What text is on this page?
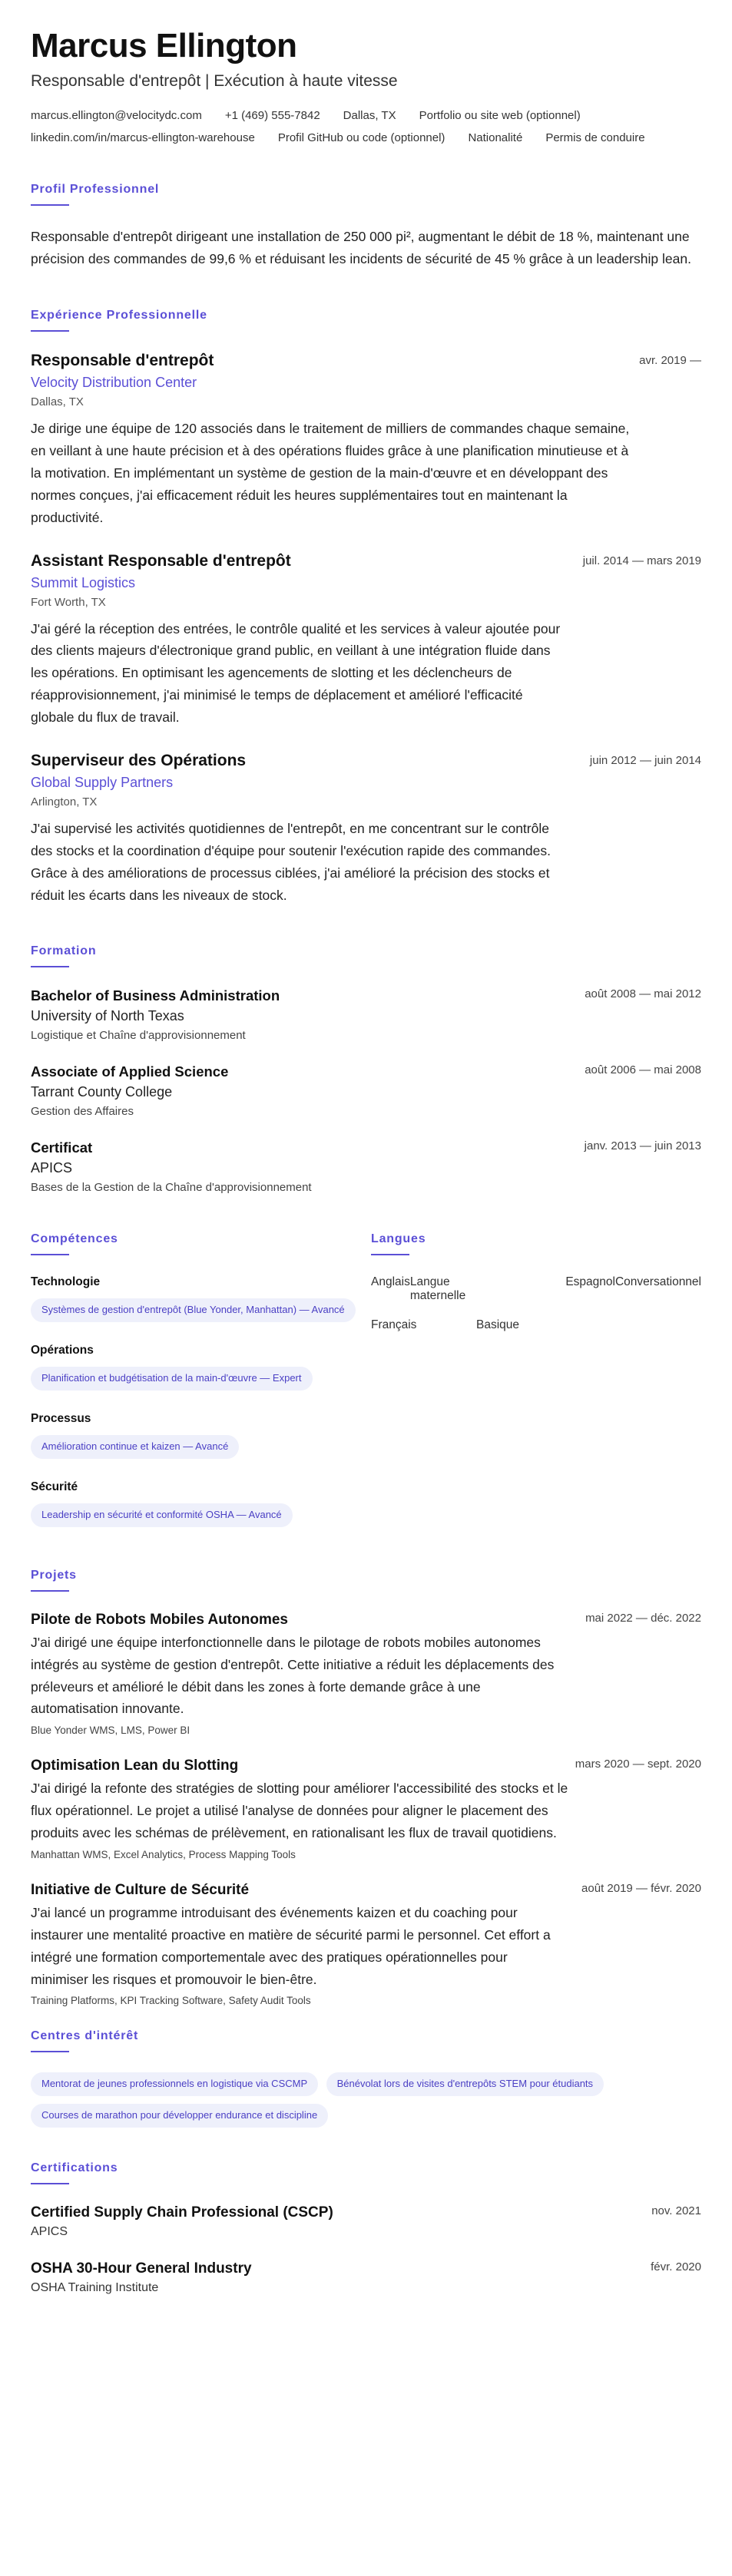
Marcus Ellington
Responsable d'entrepôt | Exécution à haute vitesse
marcus.ellington@velocitydc.com +1 (469) 555-7842 Dallas, TX Portfolio ou site web (optionnel)
linkedin.com/in/marcus-ellington-warehouse Profil GitHub ou code (optionnel) Nationalité Permis de conduire
Profil Professionnel

Responsable d'entrepôt dirigeant une installation de 250 000 pi², augmentant le débit de 18 %, maintenant une précision des commandes de 99,6 % et réduisant les incidents de sécurité de 45 % grâce à un leadership lean.

Expérience Professionnelle
Responsable d'entrepôt	avr. 2019 —
Velocity Distribution Center
Dallas, TX

Je dirige une équipe de 120 associés dans le traitement de milliers de commandes chaque semaine, en veillant à une haute précision et à des opérations fluides grâce à une planification minutieuse et à la motivation. En implémentant un système de gestion de la main-d'œuvre et en développant des normes conçues, j'ai efficacement réduit les heures supplémentaires tout en maintenant la productivité.

Assistant Responsable d'entrepôt	juil. 2014 — mars 2019
Summit Logistics
Fort Worth, TX

J'ai géré la réception des entrées, le contrôle qualité et les services à valeur ajoutée pour des clients majeurs d'électronique grand public, en veillant à une intégration fluide dans les opérations. En optimisant les agencements de slotting et les déclencheurs de réapprovisionnement, j'ai minimisé le temps de déplacement et amélioré l'efficacité globale du flux de travail.

Superviseur des Opérations	juin 2012 — juin 2014
Global Supply Partners
Arlington, TX

J'ai supervisé les activités quotidiennes de l'entrepôt, en me concentrant sur le contrôle des stocks et la coordination d'équipe pour soutenir l'exécution rapide des commandes. Grâce à des améliorations de processus ciblées, j'ai amélioré la précision des stocks et réduit les écarts dans les niveaux de stock.

Formation
Bachelor of Business Administration	août 2008 — mai 2012
University of North Texas
Logistique et Chaîne d'approvisionnement
Associate of Applied Science	août 2006 — mai 2008
Tarrant County College
Gestion des Affaires
Certificat	janv. 2013 — juin 2013
APICS
Bases de la Gestion de la Chaîne d'approvisionnement
Compétences
Technologie
Systèmes de gestion d'entrepôt (Blue Yonder, Manhattan) — Avancé
Opérations
Planification et budgétisation de la main-d'œuvre — Expert
Processus
Amélioration continue et kaizen — Avancé
Sécurité
Leadership en sécurité et conformité OSHA — Avancé
Langues
Anglais Langue maternelle
Espagnol Conversationnel
Français	Basique
Projets
Pilote de Robots Mobiles Autonomes	mai 2022 — déc. 2022

J'ai dirigé une équipe interfonctionnelle dans le pilotage de robots mobiles autonomes intégrés au système de gestion d'entrepôt. Cette initiative a réduit les déplacements des préleveurs et amélioré le débit dans les zones à forte demande grâce à une automatisation innovante.

Blue Yonder WMS, LMS, Power BI
Optimisation Lean du Slotting	mars 2020 — sept. 2020

J'ai dirigé la refonte des stratégies de slotting pour améliorer l'accessibilité des stocks et le flux opérationnel. Le projet a utilisé l'analyse de données pour aligner le placement des produits avec les schémas de prélèvement, en rationalisant les flux de travail quotidiens.

Manhattan WMS, Excel Analytics, Process Mapping Tools
Initiative de Culture de Sécurité	août 2019 — févr. 2020

J'ai lancé un programme introduisant des événements kaizen et du coaching pour instaurer une mentalité proactive en matière de sécurité parmi le personnel. Cet effort a intégré une formation comportementale avec des pratiques opérationnelles pour minimiser les risques et promouvoir le bien-être.

Training Platforms, KPI Tracking Software, Safety Audit Tools
Centres d'intérêt
Mentorat de jeunes professionnels en logistique via CSCMP	Bénévolat lors de visites d'entrepôts STEM pour étudiants Courses de marathon pour développer endurance et discipline
Certifications
Certified Supply Chain Professional (CSCP)	nov. 2021
APICS
OSHA 30-Hour General Industry	févr. 2020
OSHA Training Institute
